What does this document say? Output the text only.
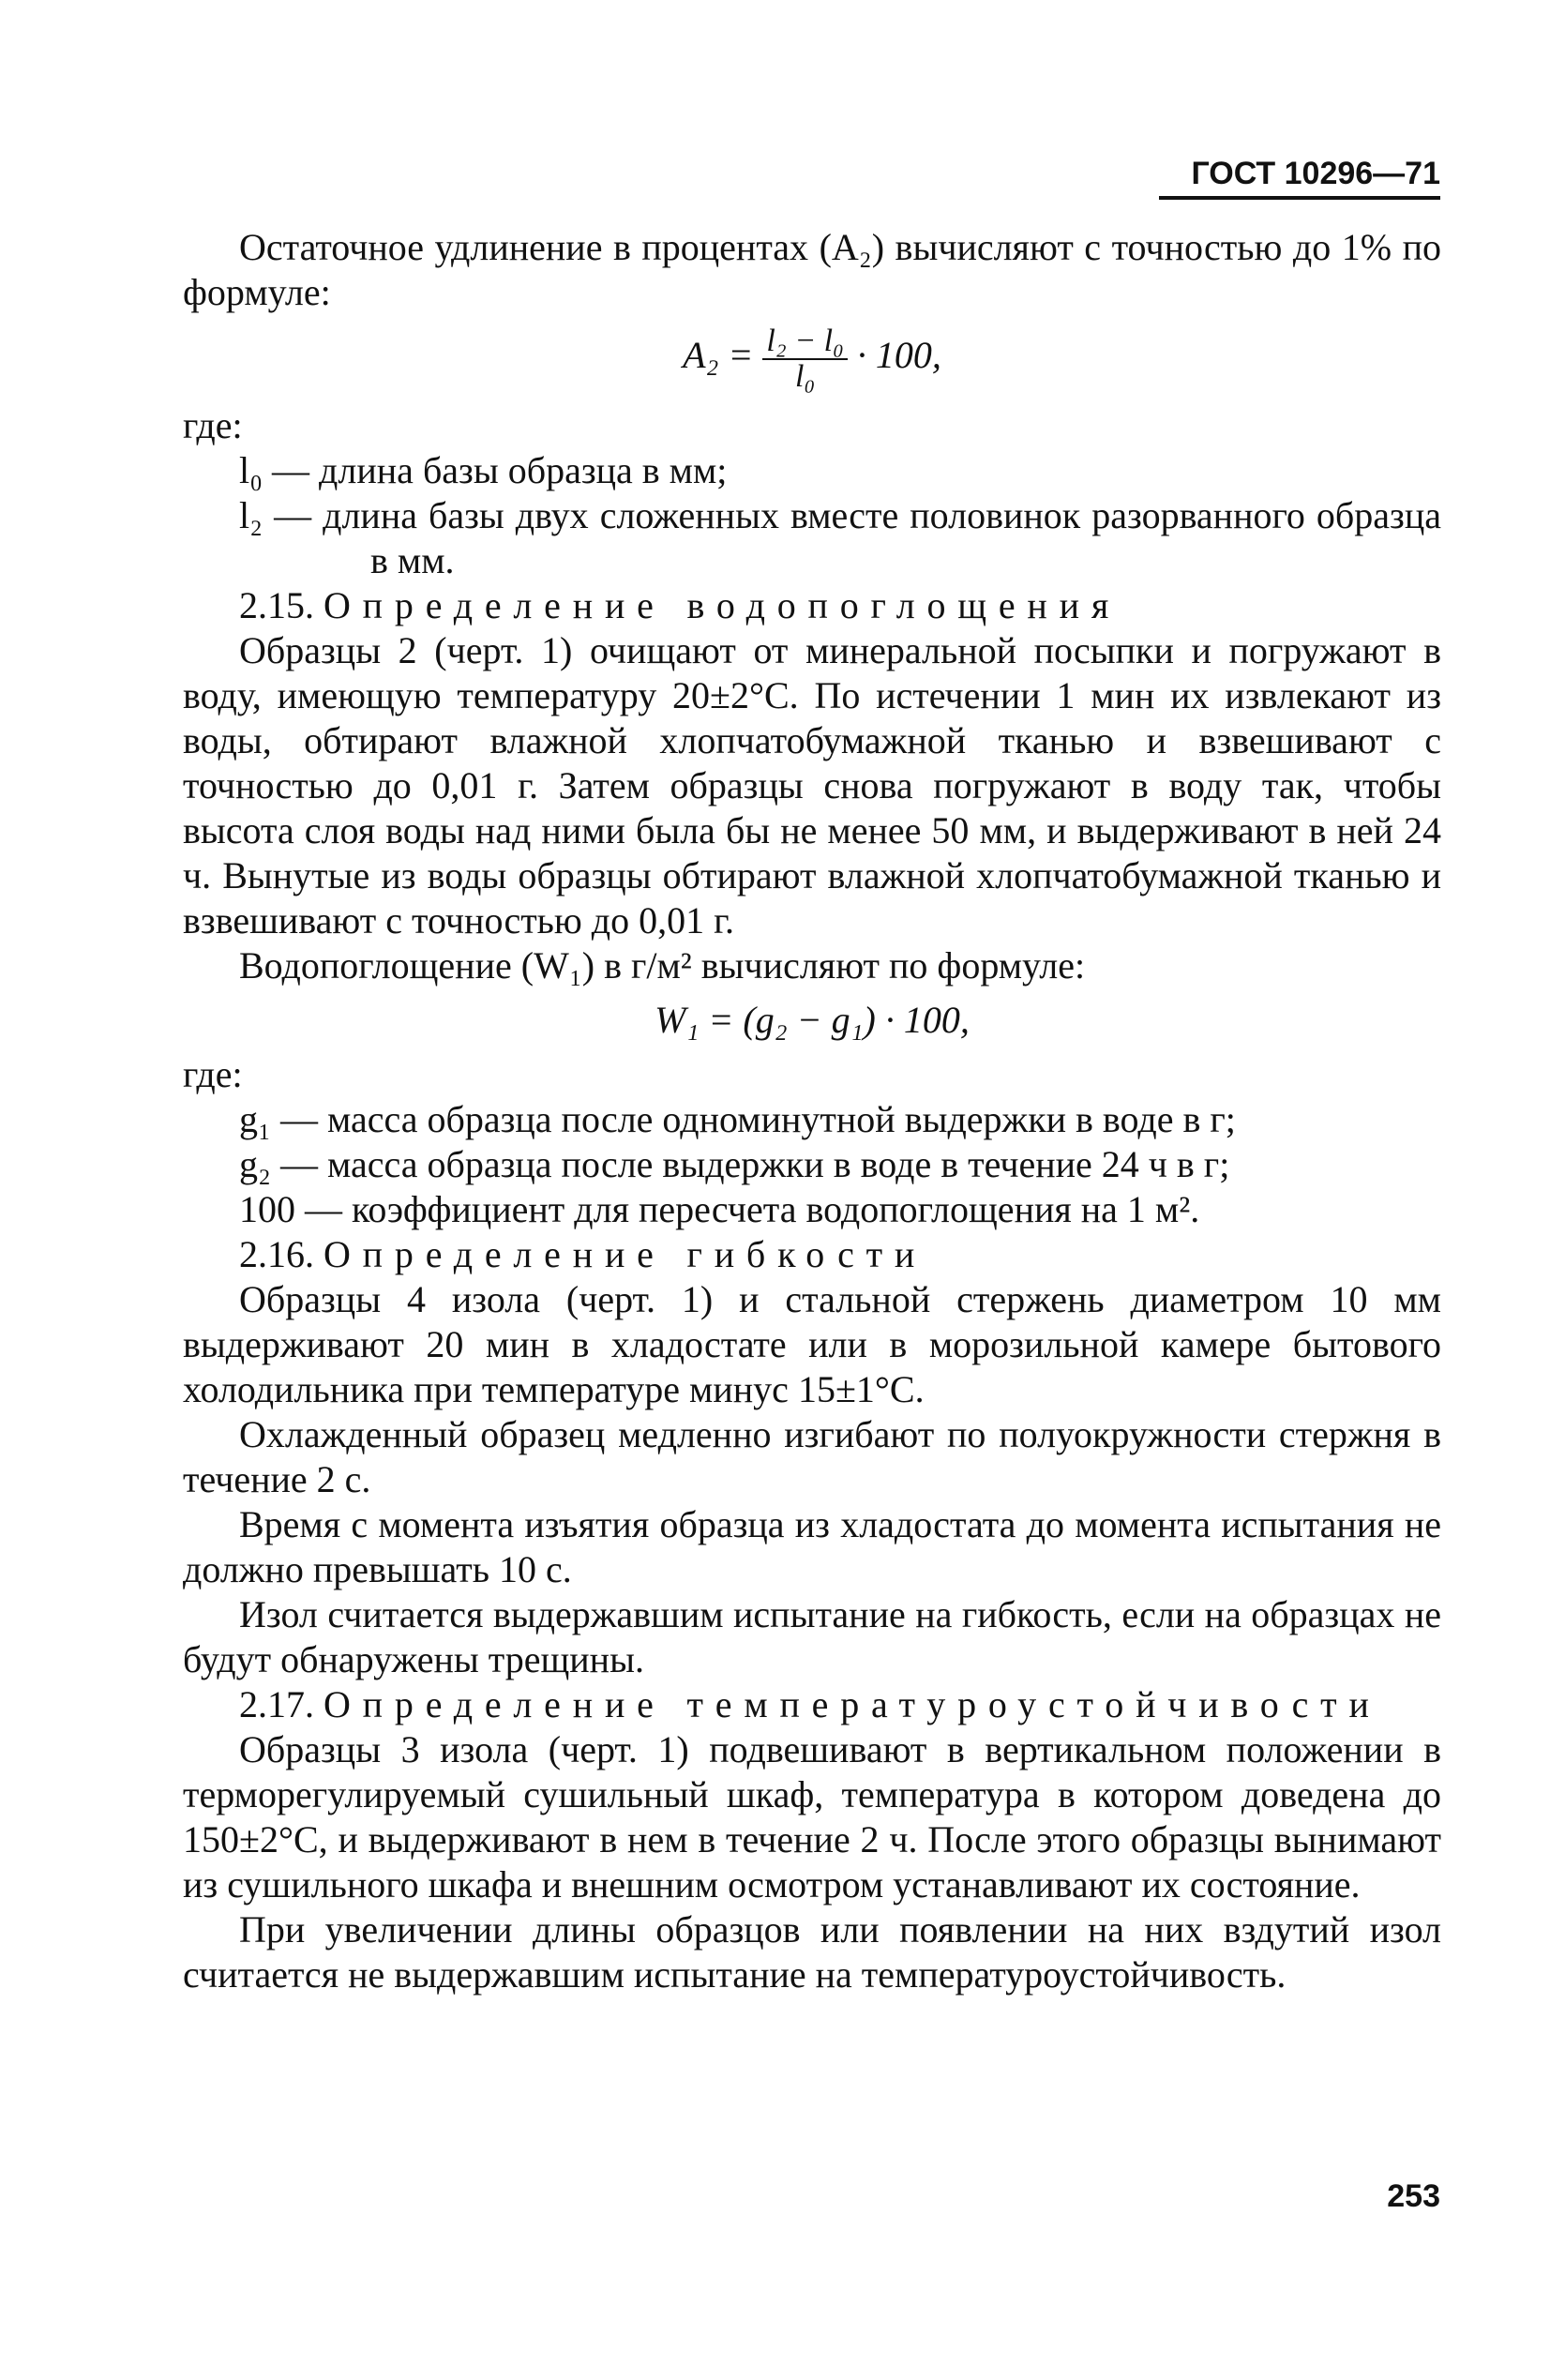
ГОСТ 10296—71

Остаточное удлинение в процентах (A₂) вычисляют с точностью до 1% по формуле:

$A_2 = \frac{\text{l₂ − l₀}}{\text{l₀}} \cdot 100$,

где:

l₀ — длина базы образца в мм;

l₂ — длина базы двух сложенных вместе половинок разорванного образца в мм.

2.15. Определение водопоглощения

Образцы 2 (черт. 1) очищают от минеральной посыпки и погружают в воду, имеющую температуру 20±2°С. По истечении 1 мин их извлекают из воды, обтирают влажной хлопчатобумажной тканью и взвешивают с точностью до 0,01 г. Затем образцы снова погружают в воду так, чтобы высота слоя воды над ними была бы не менее 50 мм, и выдерживают в ней 24 ч. Вынутые из воды образцы обтирают влажной хлопчатобумажной тканью и взвешивают с точностью до 0,01 г.

Водопоглощение (W₁) в г/м² вычисляют по формуле:

W₁ = (g₂ − g₁) · 100,

где:

g₁ — масса образца после одноминутной выдержки в воде в г;

g₂ — масса образца после выдержки в воде в течение 24 ч в г;

100 — коэффициент для пересчета водопоглощения на 1 м².

2.16. Определение гибкости

Образцы 4 изола (черт. 1) и стальной стержень диаметром 10 мм выдерживают 20 мин в хладостате или в морозильной камере бытового холодильника при температуре минус 15±1°С.

Охлажденный образец медленно изгибают по полуокружности стержня в течение 2 с.

Время с момента изъятия образца из хладостата до момента испытания не должно превышать 10 с.

Изол считается выдержавшим испытание на гибкость, если на образцах не будут обнаружены трещины.

2.17. Определение температуроустойчивости

Образцы 3 изола (черт. 1) подвешивают в вертикальном положении в терморегулируемый сушильный шкаф, температура в котором доведена до 150±2°С, и выдерживают в нем в течение 2 ч. После этого образцы вынимают из сушильного шкафа и внешним осмотром устанавливают их состояние.

При увеличении длины образцов или появлении на них вздутий изол считается не выдержавшим испытание на температуроустойчивость.

253
